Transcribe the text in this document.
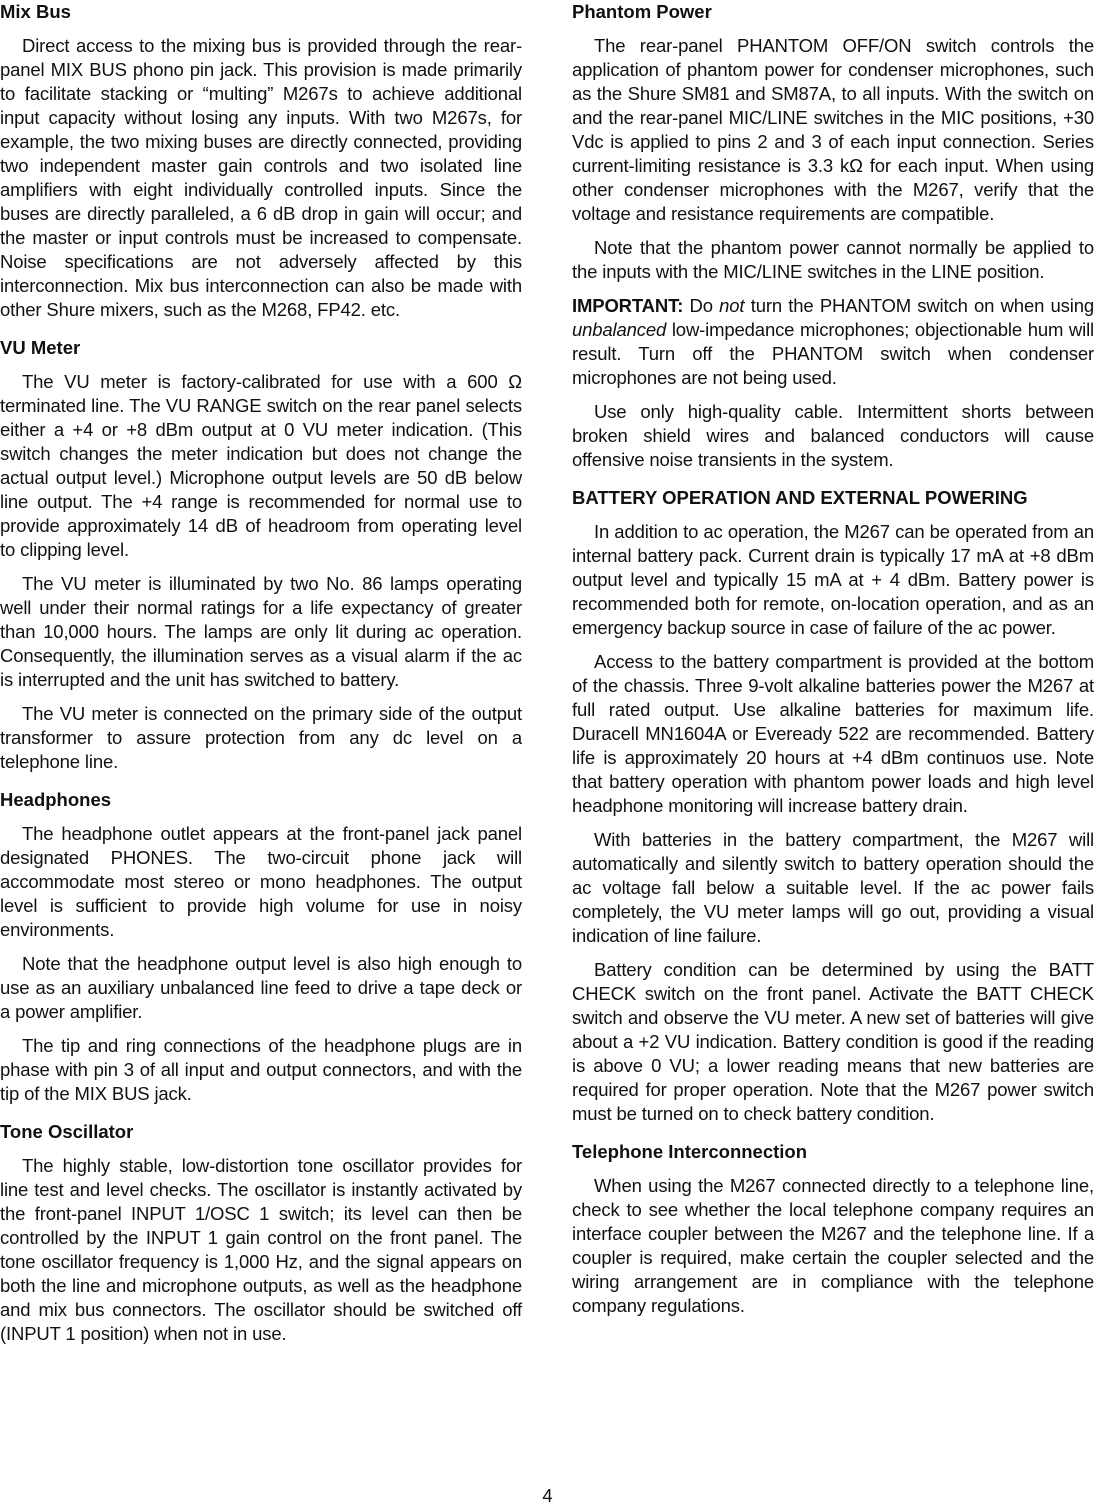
Mix Bus

Direct access to the mixing bus is provided through the rear-panel MIX BUS phono pin jack. This provision is made primarily to facilitate stacking or “multing” M267s to achieve additional input capacity without losing any inputs. With two M267s, for example, the two mixing buses are directly connected, providing two independent master gain controls and two isolated line amplifiers with eight individually controlled inputs. Since the buses are directly paralleled, a 6 dB drop in gain will occur; and the master or input controls must be increased to compensate. Noise specifications are not adversely affected by this interconnection. Mix bus interconnection can also be made with other Shure mixers, such as the M268, FP42. etc.

VU Meter

The VU meter is factory-calibrated for use with a 600 Ω terminated line. The VU RANGE switch on the rear panel selects either a +4 or +8 dBm output at 0 VU meter indication. (This switch changes the meter indication but does not change the actual output level.) Microphone output levels are 50 dB below line output. The +4 range is recommended for normal use to provide approximately 14 dB of headroom from operating level to clipping level.

The VU meter is illuminated by two No. 86 lamps operating well under their normal ratings for a life expectancy of greater than 10,000 hours. The lamps are only lit during ac operation. Consequently, the illumination serves as a visual alarm if the ac is interrupted and the unit has switched to battery.

The VU meter is connected on the primary side of the output transformer to assure protection from any dc level on a telephone line.

Headphones

The headphone outlet appears at the front-panel jack panel designated PHONES. The two-circuit phone jack will accommodate most stereo or mono headphones. The output level is sufficient to provide high volume for use in noisy environments.

Note that the headphone output level is also high enough to use as an auxiliary unbalanced line feed to drive a tape deck or a power amplifier.

The tip and ring connections of the headphone plugs are in phase with pin 3 of all input and output connectors, and with the tip of the MIX BUS jack.

Tone Oscillator

The highly stable, low-distortion tone oscillator provides for line test and level checks. The oscillator is instantly activated by the front-panel INPUT 1/OSC 1 switch; its level can then be controlled by the INPUT 1 gain control on the front panel. The tone oscillator frequency is 1,000 Hz, and the signal appears on both the line and microphone outputs, as well as the headphone and mix bus connectors. The oscillator should be switched off (INPUT 1 position) when not in use.

Phantom Power

The rear-panel PHANTOM OFF/ON switch controls the application of phantom power for condenser microphones, such as the Shure SM81 and SM87A, to all inputs. With the switch on and the rear-panel MIC/LINE switches in the MIC positions, +30 Vdc is applied to pins 2 and 3 of each input connection. Series current-limiting resistance is 3.3 kΩ for each input. When using other condenser microphones with the M267, verify that the voltage and resistance requirements are compatible.

Note that the phantom power cannot normally be applied to the inputs with the MIC/LINE switches in the LINE position.

IMPORTANT: Do not turn the PHANTOM switch on when using unbalanced low-impedance microphones; objectionable hum will result. Turn off the PHANTOM switch when condenser microphones are not being used.

Use only high-quality cable. Intermittent shorts between broken shield wires and balanced conductors will cause offensive noise transients in the system.

BATTERY OPERATION AND EXTERNAL POWERING

In addition to ac operation, the M267 can be operated from an internal battery pack. Current drain is typically 17 mA at +8 dBm output level and typically 15 mA at + 4 dBm. Battery power is recommended both for remote, on-location operation, and as an emergency backup source in case of failure of the ac power.

Access to the battery compartment is provided at the bottom of the chassis. Three 9-volt alkaline batteries power the M267 at full rated output. Use alkaline batteries for maximum life. Duracell MN1604A or Eveready 522 are recommended. Battery life is approximately 20 hours at +4 dBm continuos use. Note that battery operation with phantom power loads and high level headphone monitoring will increase battery drain.

With batteries in the battery compartment, the M267 will automatically and silently switch to battery operation should the ac voltage fall below a suitable level. If the ac power fails completely, the VU meter lamps will go out, providing a visual indication of line failure.

Battery condition can be determined by using the BATT CHECK switch on the front panel. Activate the BATT CHECK switch and observe the VU meter. A new set of batteries will give about a +2 VU indication. Battery condition is good if the reading is above 0 VU; a lower reading means that new batteries are required for proper operation. Note that the M267 power switch must be turned on to check battery condition.

Telephone Interconnection

When using the M267 connected directly to a telephone line, check to see whether the local telephone company requires an interface coupler between the M267 and the telephone line. If a coupler is required, make certain the coupler selected and the wiring arrangement are in compliance with the telephone company regulations.

4
